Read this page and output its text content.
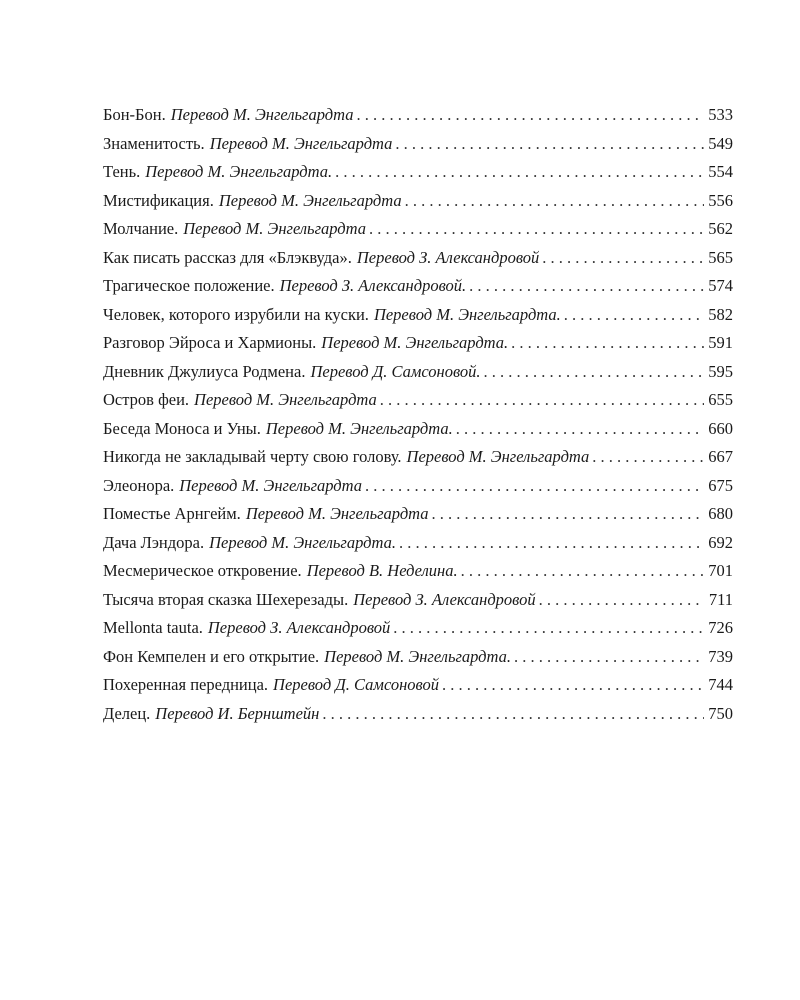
Бон-Бон. Перевод М. Энгельгардта . . .	533
Знаменитость. Перевод М. Энгельгардта . . .	549
Тень. Перевод М. Энгельгардта. . . .	554
Мистификация. Перевод М. Энгельгардта . . .	556
Молчание. Перевод М. Энгельгардта . . .	562
Как писать рассказ для «Блэквуда». Перевод З. Александровой . . .	565
Трагическое положение. Перевод З. Александровой. . . .	574
Человек, которого изрубили на куски. Перевод М. Энгельгардта. . . .	582
Разговор Эйроса и Хармионы. Перевод М. Энгельгардта. . . .	591
Дневник Джулиуса Родмена. Перевод Д. Самсоновой. . . .	595
Остров феи. Перевод М. Энгельгардта . . .	655
Беседа Моноса и Уны. Перевод М. Энгельгардта. . . .	660
Никогда не закладывай черту свою голову. Перевод М. Энгельгардта . . .	667
Элеонора. Перевод М. Энгельгардта . . .	675
Поместье Арнгейм. Перевод М. Энгельгардта . . .	680
Дача Лэндора. Перевод М. Энгельгардта. . . .	692
Месмерическое откровение. Перевод В. Неделина. . . .	701
Тысяча вторая сказка Шехерезады. Перевод З. Александровой . . .	711
Mellonta tauta. Перевод З. Александровой . . .	726
Фон Кемпелен и его открытие. Перевод М. Энгельгардта. . . .	739
Похеренная передница. Перевод Д. Самсоновой . . .	744
Делец. Перевод И. Бернштейн . . .	750
